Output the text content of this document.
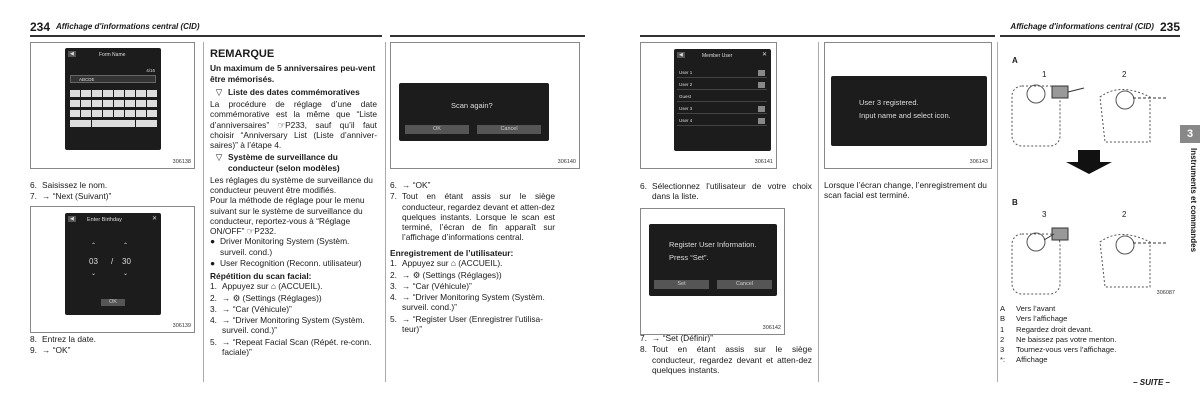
234 Affichage d'informations central (CID)
◀	Form Name
4/16
ABCDE
306138
6. Saisissez le nom.
7. → “Next (Suivant)”
◀	Enter Birthday	✕
⌃	⌃
03 / 30
⌄	⌄
OK
306139
8. Entrez la date.
9. → “OK”
REMARQUE
Un maximum de 5 anniversaires peu-vent être mémorisés.
▽ Liste des dates commémoratives
La procédure de réglage d’une date commémorative est la même que “Liste d’anniversaires” ☞P233, sauf qu’il faut choisir “Anniversary List (Liste d’anniver-saires)” à l’étape 4.
▽ Système de surveillance du conducteur (selon modèles)
Les réglages du système de surveillance du conducteur peuvent être modifiés.
Pour la méthode de réglage pour le menu suivant sur le système de surveillance du conducteur, reportez-vous à “Réglage ON/OFF” ☞P232.
● Driver Monitoring System (Systèm. surveil. cond.)
● User Recognition (Reconn. utilisateur)
Répétition du scan facial:
1. Appuyez sur ⌂ (ACCUEIL).
2. → ⚙ (Settings (Réglages))
3. → “Car (Véhicule)”
4. → “Driver Monitoring System (Systèm. surveil. cond.)”
5. → “Repeat Facial Scan (Répét. re-conn. faciale)”
Scan again?
OK	Cancel
306140
6. → “OK”
7. Tout en étant assis sur le siège conducteur, regardez devant et atten-dez quelques instants. Lorsque le scan est terminé, l’écran de fin apparaît sur l’affichage d’informations central.
Enregistrement de l’utilisateur:
1. Appuyez sur ⌂ (ACCUEIL).
2. → ⚙ (Settings (Réglages))
3. → “Car (Véhicule)”
4. → “Driver Monitoring System (Systèm. surveil. cond.)”
5. → “Register User (Enregistrer l’utilisa-teur)”
Affichage d'informations central (CID) 235
◀	Member User	✕
User 1
User 2
Guest
User 3
User 4
306141
6. Sélectionnez l’utilisateur de votre choix dans la liste.
Register User Information.
Press “Set”.
Set	Cancel
306142
7. → “Set (Définir)”
8. Tout en étant assis sur le siège conducteur, regardez devant et atten-dez quelques instants.
User 3 registered.
Input name and select icon.
306143
Lorsque l’écran change, l’enregistrement du scan facial est terminé.
A
1	2
B
3	2
306087
A	Vers l’avant
B	Vers l’affichage
1	Regardez droit devant.
2	Ne baissez pas votre menton.
3	Tournez-vous vers l’affichage.
*:	Affichage
– SUITE –
3
Instruments et commandes
